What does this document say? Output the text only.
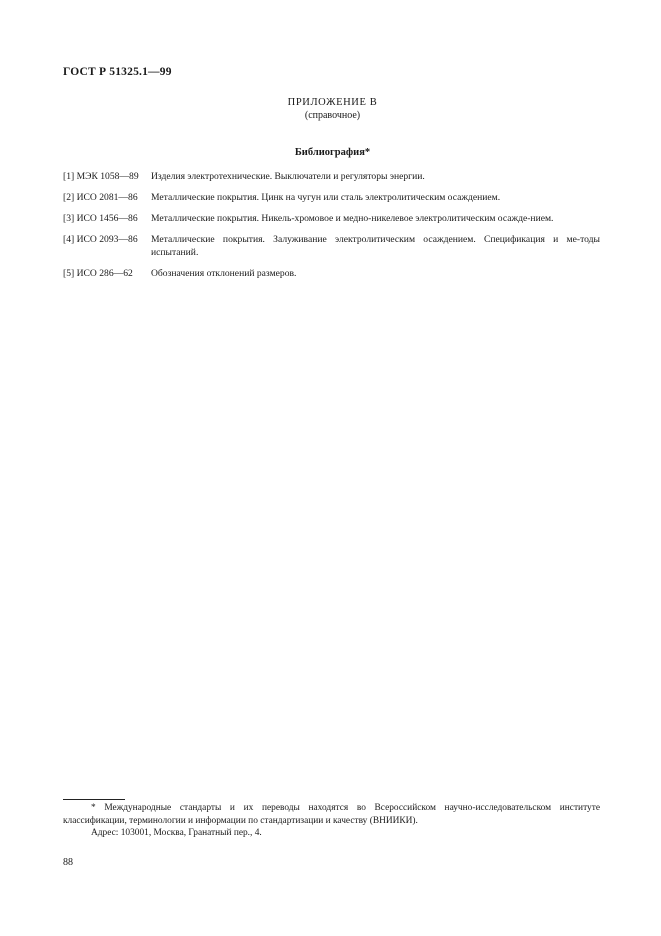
ГОСТ Р 51325.1—99
ПРИЛОЖЕНИЕ В
(справочное)
Библиография*
[1] МЭК 1058—89	Изделия электротехнические. Выключатели и регуляторы энергии.
[2] ИСО 2081—86	Металлические покрытия. Цинк на чугун или сталь электролитическим осаждением.
[3] ИСО 1456—86	Металлические покрытия. Никель-хромовое и медно-никелевое электролитическим осажде-нием.
[4] ИСО 2093—86	Металлические покрытия. Залуживание электролитическим осаждением. Спецификация и ме-тоды испытаний.
[5] ИСО 286—62	Обозначения отклонений размеров.

* Международные стандарты и их переводы находятся во Всероссийском научно-исследовательском институте классификации, терминологии и информации по стандартизации и качеству (ВНИИКИ).

Адрес: 103001, Москва, Гранатный пер., 4.

88
